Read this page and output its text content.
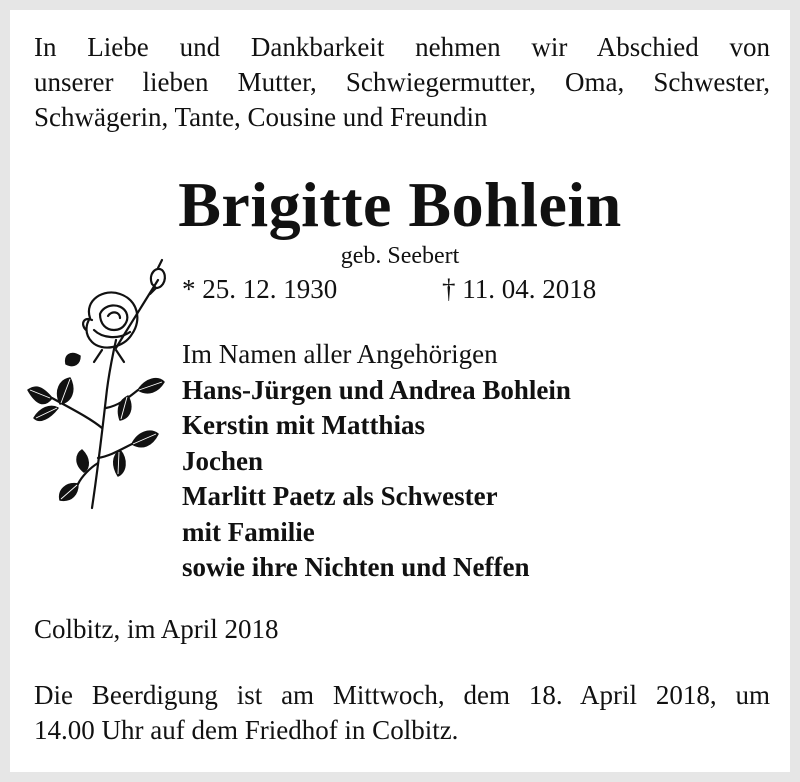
In Liebe und Dankbarkeit nehmen wir Abschied von
unserer lieben Mutter, Schwiegermutter, Oma, Schwester,
Schwägerin, Tante, Cousine und Freundin
Brigitte Bohlein
geb. Seebert
* 25. 12. 1930	† 11. 04. 2018
Im Namen aller Angehörigen
Hans-Jürgen und Andrea Bohlein
Kerstin mit Matthias
Jochen
Marlitt Paetz als Schwester
mit Familie
sowie ihre Nichten und Neffen
Colbitz, im April 2018
Die Beerdigung ist am Mittwoch, dem 18. April 2018, um
14.00 Uhr auf dem Friedhof in Colbitz.
